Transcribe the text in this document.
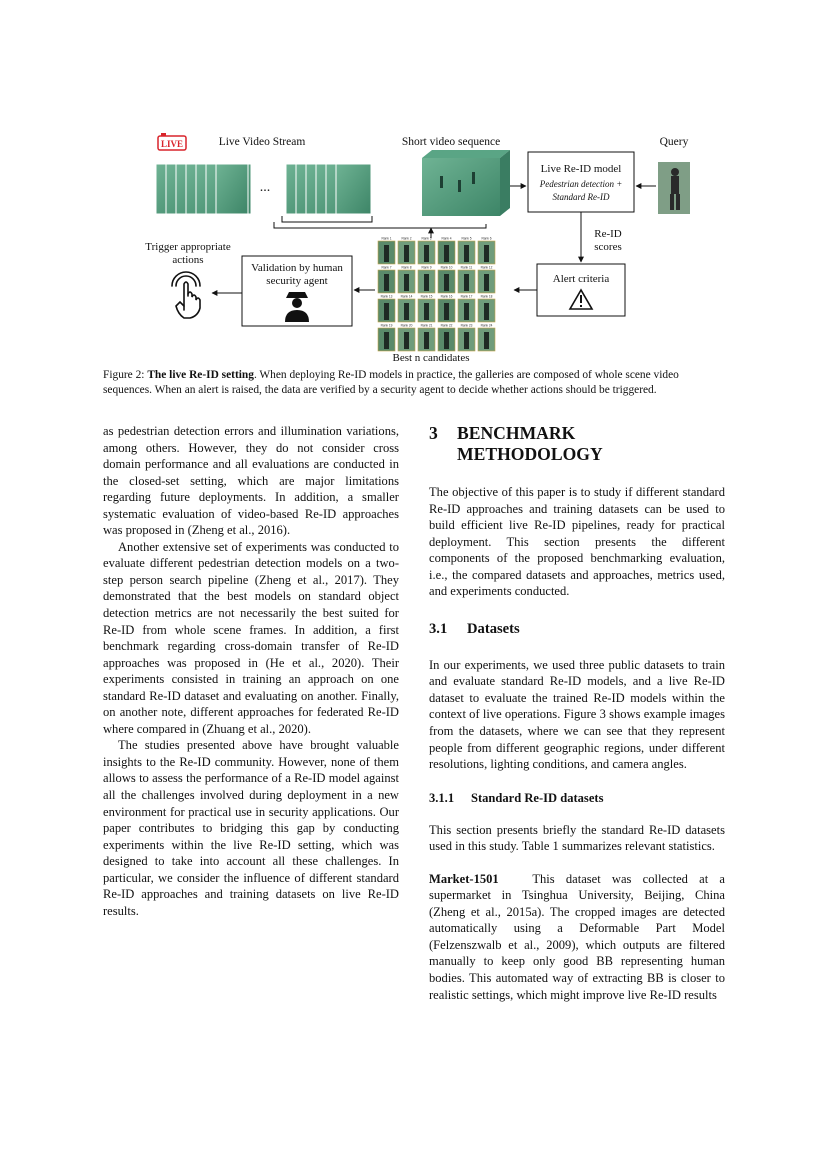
LIVE	Live Video Stream
...
Short video sequence
Live Re-ID model
Pedestrian detection +
Standard Re-ID
Query
Re-ID
scores
Alert criteria
Rank 1	Rank 2	Rank 3	Rank 4	Rank 5	Rank 6
Rank 7	Rank 8	Rank 9	Rank 10	Rank 11	Rank 12
Rank 13	Rank 14	Rank 15	Rank 16	Rank 17	Rank 18
Rank 19	Rank 20	Rank 21	Rank 22	Rank 23	Rank 24
Best n candidates
Validation by human
security agent
Trigger appropriate
actions
Figure 2: The live Re-ID setting. When deploying Re-ID models in practice, the galleries are composed of whole scene video sequences. When an alert is raised, the data are verified by a security agent to decide whether actions should be triggered.

as pedestrian detection errors and illumination variations, among others. However, they do not consider cross domain performance and all evaluations are conducted in the closed-set setting, which are major limitations regarding future deployments. In addition, a smaller systematic evaluation of video-based Re-ID approaches was proposed in (Zheng et al., 2016).

Another extensive set of experiments was conducted to evaluate different pedestrian detection models on a two-step person search pipeline (Zheng et al., 2017). They demonstrated that the best models on standard object detection metrics are not necessarily the best suited for Re-ID from whole scene frames. In addition, a first benchmark regarding cross-domain transfer of Re-ID approaches was proposed in (He et al., 2020). Their experiments consisted in training an approach on one standard Re-ID dataset and evaluating on another. Finally, on another note, different approaches for federated Re-ID where compared in (Zhuang et al., 2020).

The studies presented above have brought valuable insights to the Re-ID community. However, none of them allows to assess the performance of a Re-ID model against all the challenges involved during deployment in a new environment for practical use in security applications. Our paper contributes to bridging this gap by conducting experiments within the live Re-ID setting, which was designed to take into account all these challenges. In particular, we consider the influence of different standard Re-ID approaches and training datasets on live Re-ID results.

3	BENCHMARK
METHODOLOGY

The objective of this paper is to study if different standard Re-ID approaches and training datasets can be used to build efficient live Re-ID pipelines, ready for practical deployment. This section presents the different components of the proposed benchmarking evaluation, i.e., the compared datasets and approaches, metrics used, and experiments conducted.

3.1	Datasets

In our experiments, we used three public datasets to train and evaluate standard Re-ID models, and a live Re-ID dataset to evaluate the trained Re-ID models within the context of live operations. Figure 3 shows example images from the datasets, where we can see that they represent people from different geographic regions, under different resolutions, lighting conditions, and camera angles.

3.1.1	Standard Re-ID datasets

This section presents briefly the standard Re-ID datasets used in this study. Table 1 summarizes relevant statistics.

Market-1501	This dataset was collected at a supermarket in Tsinghua University, Beijing, China (Zheng et al., 2015a). The cropped images are detected automatically using a Deformable Part Model (Felzenszwalb et al., 2009), which outputs are filtered manually to keep only good BB representing human bodies. This automated way of extracting BB is closer to realistic settings, which might improve live Re-ID results
